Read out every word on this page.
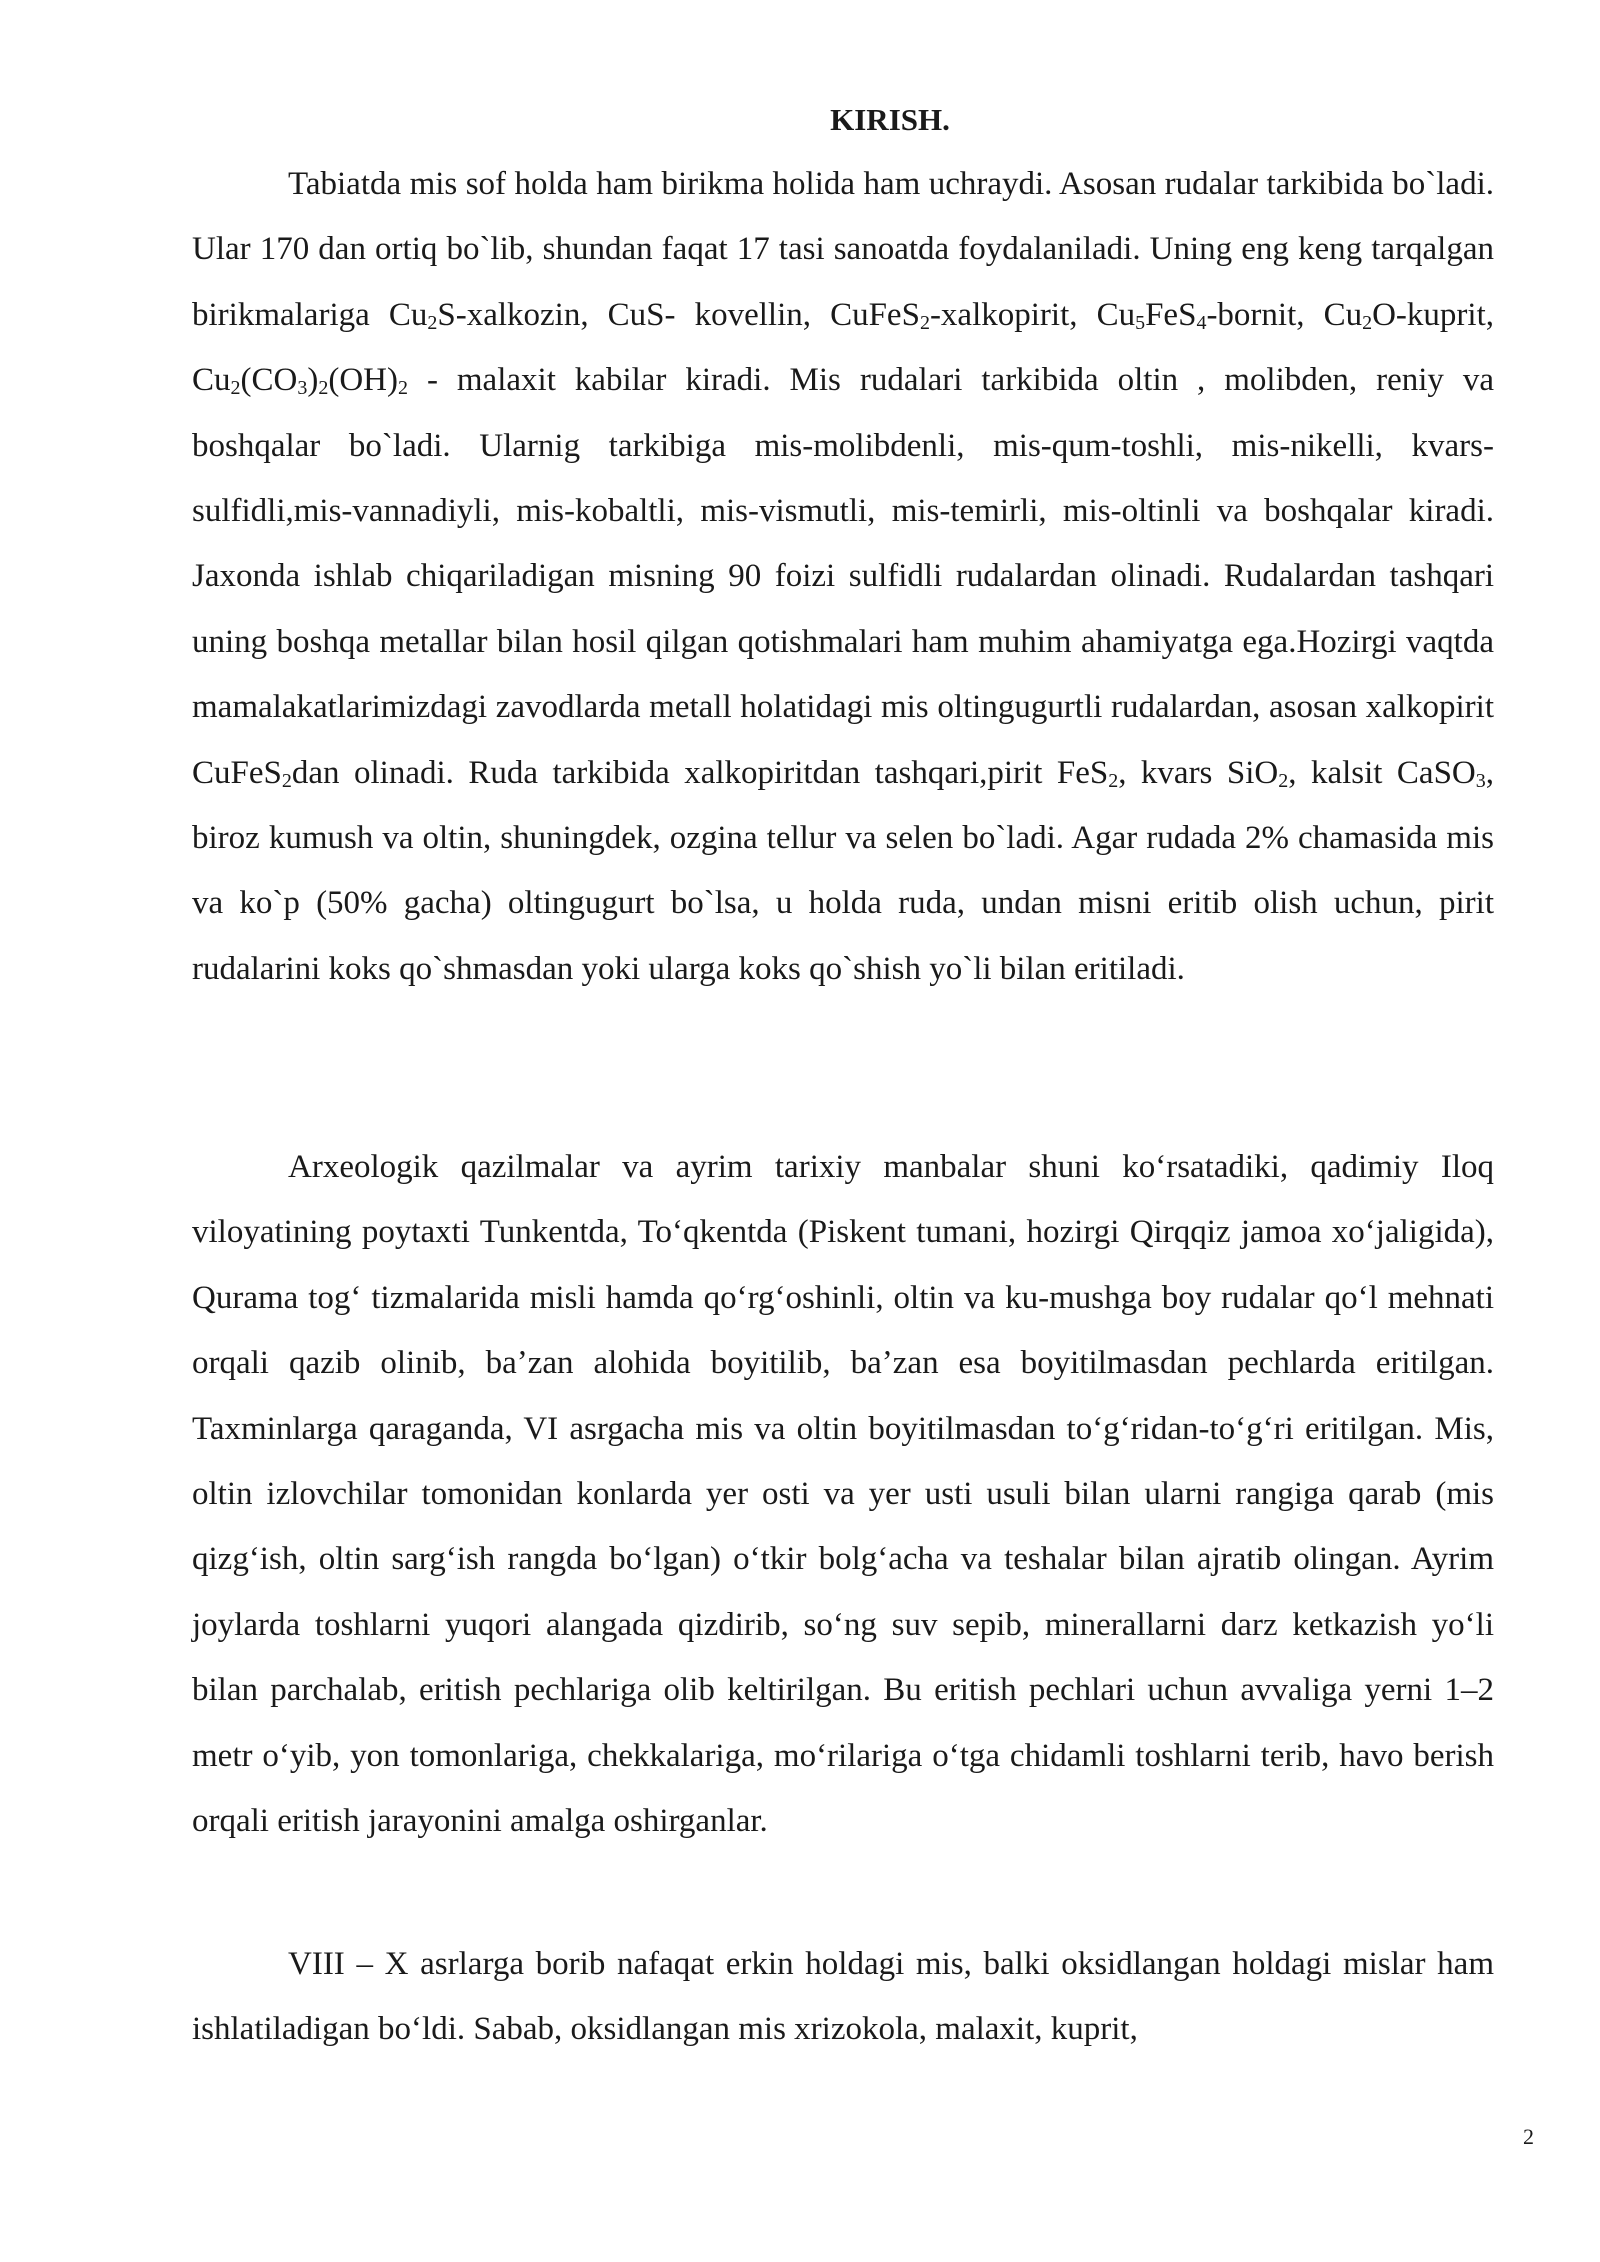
KIRISH.

Tabiatda mis sof holda ham birikma holida ham uchraydi. Asosan rudalar tarkibida bo`ladi. Ular 170 dan ortiq bo`lib, shundan faqat 17 tasi sanoatda foydalaniladi. Uning eng keng tarqalgan birikmalariga $Cu_2S$-xalkozin, CuS- kovellin, CuFeS$_2$-xalkopirit, $Cu_5FeS_4$-bornit, $Cu_2O$-kuprit, $Cu_2(CO_3)_2(OH)_2$ - malaxit kabilar kiradi. Mis rudalari tarkibida oltin , molibden, reniy va boshqalar bo`ladi. Ularnig tarkibiga mis-molibdenli, mis-qum-toshli, mis-nikelli, kvars- sulfidli,mis-vannadiyli, mis-kobaltli, mis-vismutli, mis-temirli, mis-oltinli va boshqalar kiradi. Jaxonda ishlab chiqariladigan misning 90 foizi sulfidli rudalardan olinadi. Rudalardan tashqari uning boshqa metallar bilan hosil qilgan qotishmalari ham muhim ahamiyatga ega.Hozirgi vaqtda mamalakatlarimizdagi zavodlarda metall holatidagi mis oltingugurtli rudalardan, asosan xalkopirit CuFeS$_2$dan olinadi. Ruda tarkibida xalkopiritdan tashqari,pirit FeS$_2$, kvars SiO$_2$, kalsit CaSO$_3$, biroz kumush va oltin, shuningdek, ozgina tellur va selen bo`ladi. Agar rudada 2% chamasida mis va ko`p (50% gacha) oltingugurt bo`lsa, u holda ruda, undan misni eritib olish uchun, pirit rudalarini koks qo`shmasdan yoki ularga koks qo`shish yo`li bilan eritiladi.

Arxeologik qazilmalar va ayrim tarixiy manbalar shuni koʻrsatadiki, qadimiy Iloq viloyatining poytaxti Tunkentda, Toʻqkentda (Piskent tumani, hozirgi Qirqqiz jamoa xoʻjaligida), Qurama togʻ tizmalarida misli hamda qoʻrgʻoshinli, oltin va ku-mushga boy rudalar qoʻl mehnati orqali qazib olinib, baʼzan alohida boyitilib, baʼzan esa boyitilmasdan pechlarda eritilgan. Taxminlarga qaraganda, VI asrgacha mis va oltin boyitilmasdan toʻgʻridan-toʻgʻri eritilgan. Mis, oltin izlovchilar tomonidan konlarda yer osti va yer usti usuli bilan ularni rangiga qarab (mis qizgʻish, oltin sargʻish rangda boʻlgan) oʻtkir bolgʻacha va teshalar bilan ajratib olingan. Ayrim joylarda toshlarni yuqori alangada qizdirib, soʻng suv sepib, minerallarni darz ketkazish yoʻli bilan parchalab, eritish pechlariga olib keltirilgan. Bu eritish pechlari uchun avvaliga yerni 1–2 metr oʻyib, yon tomonlariga, chekkalariga, moʻrilariga oʻtga chidamli toshlarni terib, havo berish orqali eritish jarayonini amalga oshirganlar.

VIII – X asrlarga borib nafaqat erkin holdagi mis, balki oksidlangan holdagi mislar ham ishlatiladigan boʻldi. Sabab, oksidlangan mis xrizokola, malaxit, kuprit,

2
